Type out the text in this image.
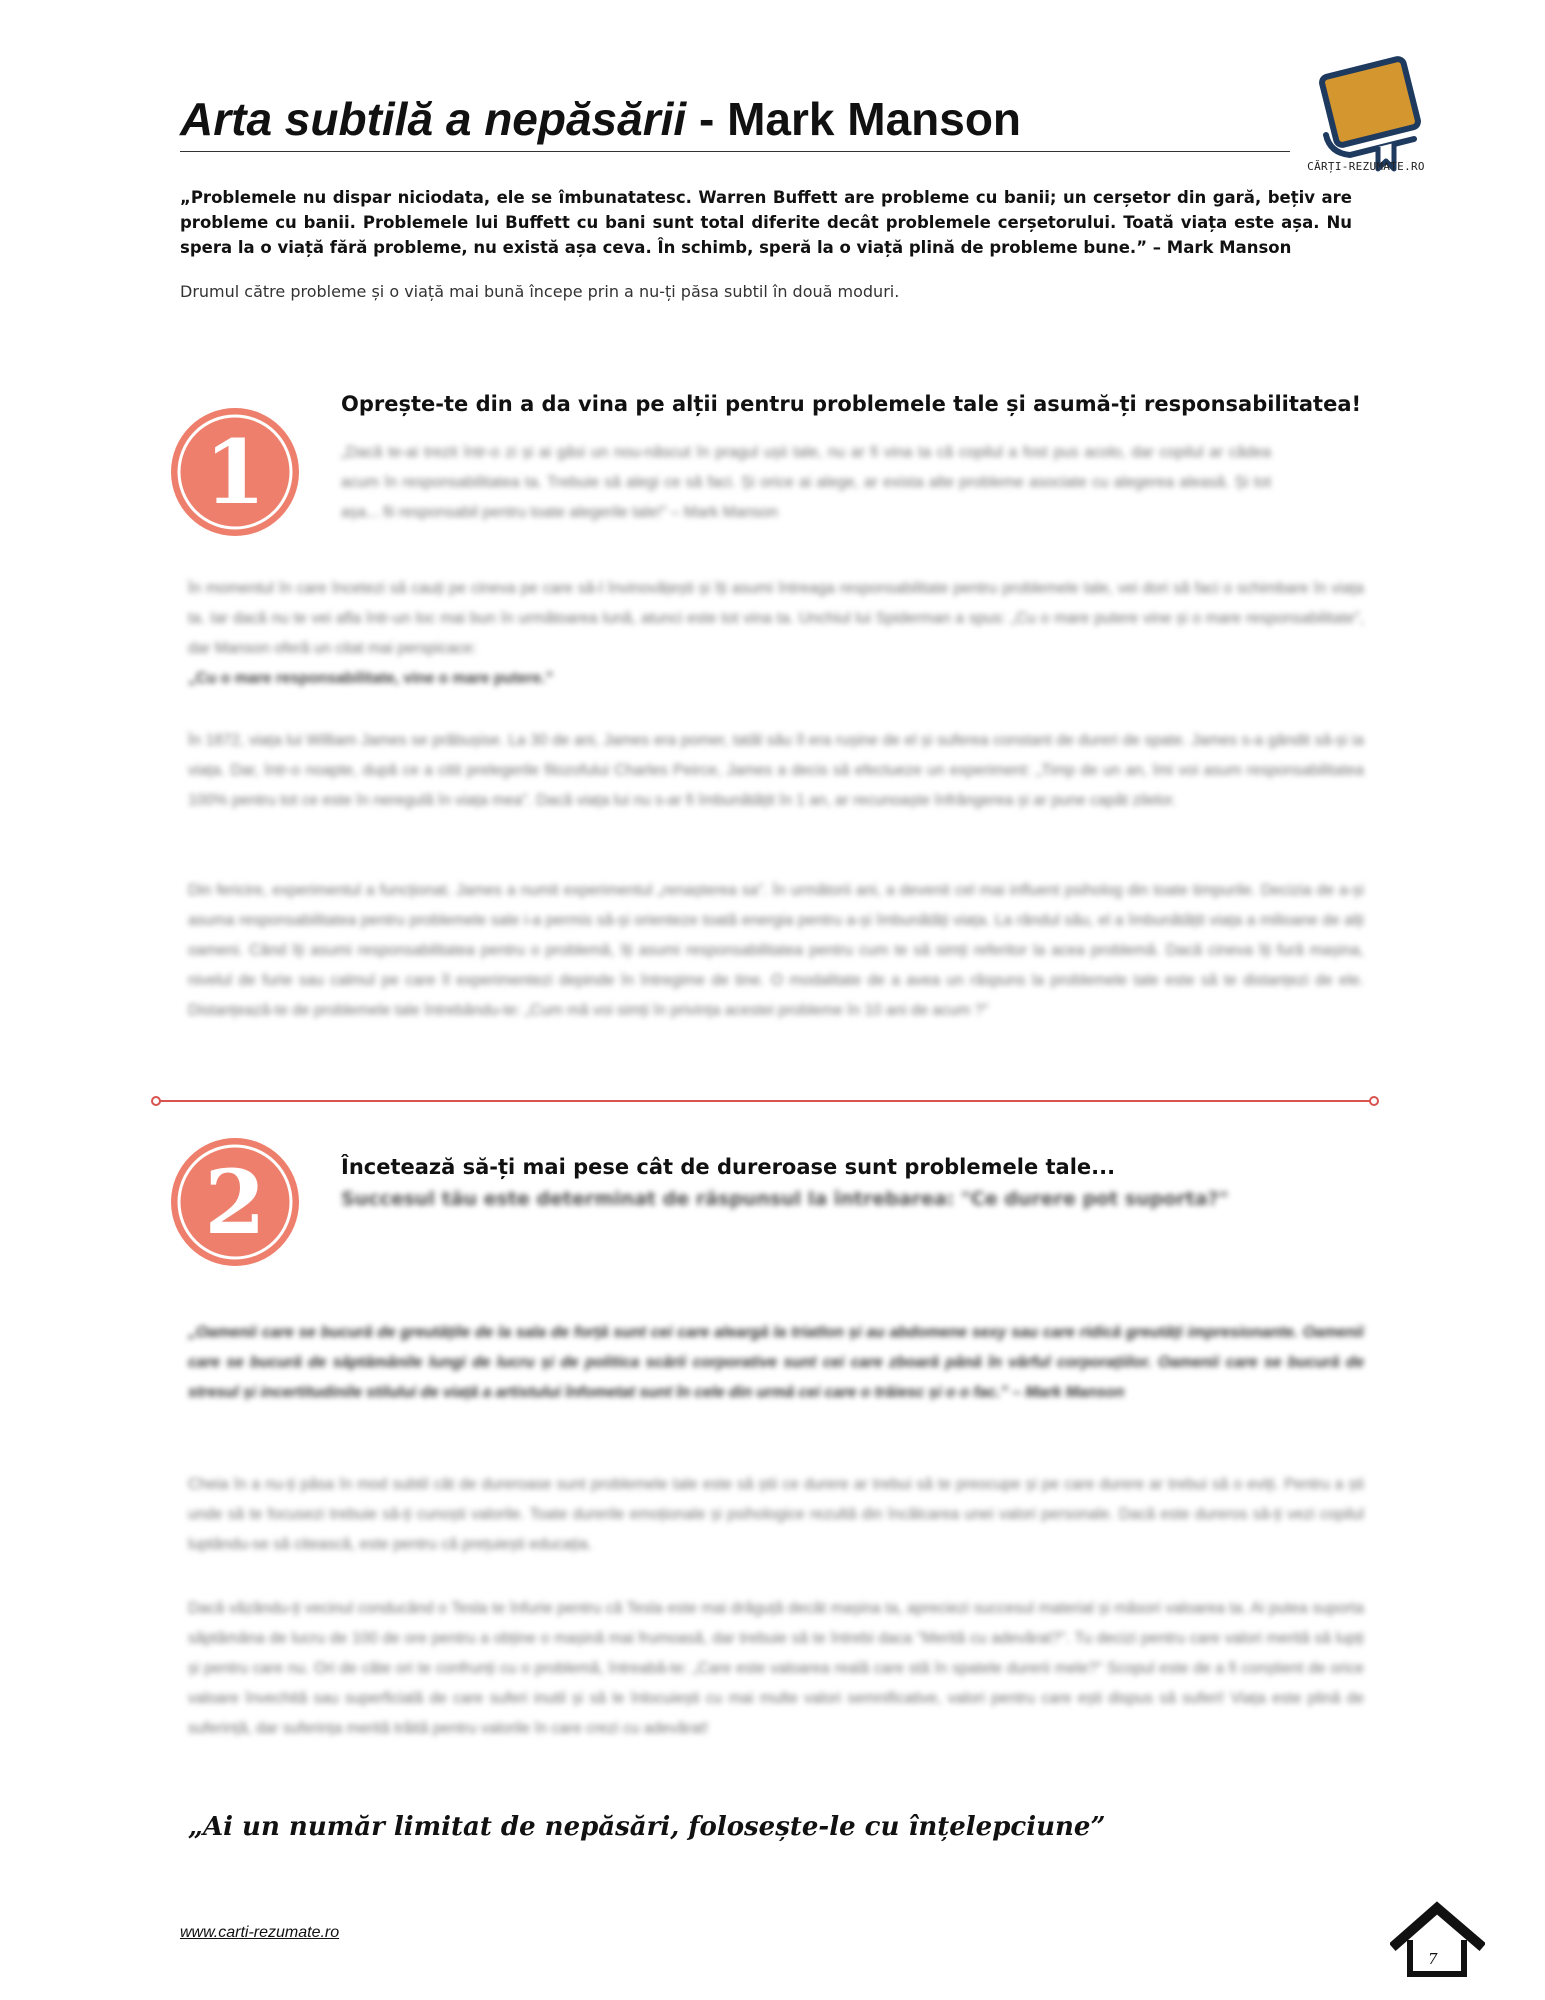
Arta subtilă a nepăsării - Mark Manson
CĂRȚI-REZUMATE.RO
„Problemele nu dispar niciodata, ele se îmbunatatesc. Warren Buffett are probleme cu banii; un cerșetor din gară, bețiv are probleme cu banii. Problemele lui Buffett cu bani sunt total diferite decât problemele cerșetorului. Toată viața este așa. Nu spera la o viață fără probleme, nu există așa ceva. În schimb, speră la o viață plină de probleme bune.” – Mark Manson
Drumul către probleme și o viață mai bună începe prin a nu-ți păsa subtil în două moduri.
1
Oprește-te din a da vina pe alții pentru problemele tale și asumă-ți responsabilitatea!
„Dacă te-ai trezit într-o zi și ai găsi un nou-născut în pragul ușii tale, nu ar fi vina ta că copilul a fost pus acolo, dar copilul ar cădea acum în responsabilitatea ta. Trebuie să alegi ce să faci. Și orice ai alege, ar exista alte probleme asociate cu alegerea aleasă. Și tot așa... fii responsabil pentru toate alegerile tale!” – Mark Manson
În momentul în care încetezi să cauți pe cineva pe care să-l învinovățești și îți asumi întreaga responsabilitate pentru problemele tale, vei dori să faci o schimbare în viața ta. Iar dacă nu te vei afla într-un loc mai bun în următoarea lună, atunci este tot vina ta. Unchiul lui Spiderman a spus: „Cu o mare putere vine și o mare responsabilitate”, dar Manson oferă un citat mai perspicace:
„Cu o mare responsabilitate, vine o mare putere.”
În 1872, viața lui William James se prăbușise. La 30 de ani, James era pomer, tatăl său îl era rușine de el și suferea constant de dureri de spate. James s-a gândit să-și ia viața. Dar, într-o noapte, după ce a citit prelegerile filozofului Charles Peirce, James a decis să efectueze un experiment: „Timp de un an, îmi voi asum responsabilitatea 100% pentru tot ce este în neregulă în viața mea”. Dacă viața lui nu s-ar fi îmbunătățit în 1 an, ar recunoaște înfrângerea și ar pune capăt zilelor.
Din fericire, experimentul a funcționat. James a numit experimentul „renașterea sa”. În următorii ani, a devenit cel mai influent psiholog din toate timpurile. Decizia de a-și asuma responsabilitatea pentru problemele sale i-a permis să-și orienteze toată energia pentru a-și îmbunătăți viața. La rândul său, el a îmbunătățit viața a milioane de alți oameni. Când îți asumi responsabilitatea pentru o problemă, îți asumi responsabilitatea pentru cum te să simți referitor la acea problemă. Dacă cineva îți fură mașina, nivelul de furie sau calmul pe care îl experimentezi depinde în întregime de tine. O modalitate de a avea un răspuns la problemele tale este să te distanțezi de ele. Distanțează-te de problemele tale întrebându-te: „Cum mă voi simți în privința acestei probleme în 10 ani de acum ?”
2	Încetează să-ți mai pese cât de dureroase sunt problemele tale...
Succesul tău este determinat de răspunsul la întrebarea: "Ce durere pot suporta?"
„Oamenii care se bucură de greutățile de la sala de forță sunt cei care aleargă la triatlon și au abdomene sexy sau care ridică greutăți impresionante. Oamenii care se bucură de săptămânile lungi de lucru și de politica scării corporative sunt cei care zboară până în vârful corporațiilor. Oamenii care se bucură de stresul și incertitudinile stilului de viață a artistului înfometat sunt în cele din urmă cei care o trăiesc și o o fac.” – Mark Manson
Cheia în a nu-ți păsa în mod subtil cât de dureroase sunt problemele tale este să știi ce durere ar trebui să te preocupe și pe care durere ar trebui să o eviți. Pentru a ști unde să te focusezi trebuie să-ți cunoști valorile. Toate durerile emoționale și psihologice rezultă din încălcarea unei valori personale. Dacă este dureros să-ți vezi copilul luptându-se să citească, este pentru că prețuiești educația.
Dacă văzându-ți vecinul conducând o Tesla te înfurie pentru că Tesla este mai drăguță decât mașina ta, apreciezi succesul material și măsori valoarea ta. Ai putea suporta săptămâna de lucru de 100 de ore pentru a obține o mașină mai frumoasă, dar trebuie să te întrebi daca "Merită cu adevărat?". Tu decizi pentru care valori merită să lupți și pentru care nu. Ori de câte ori te confrunți cu o problemă, întreabă-te: „Care este valoarea reală care stă în spatele durerii mele?” Scopul este de a fi conștient de orice valoare învechită sau superficială de care suferi inutil și să le înlocuiești cu mai multe valori semnificative, valori pentru care ești dispus să suferi! Viața este plină de suferință, dar suferința merită trăită pentru valorile în care crezi cu adevărat!
„Ai un număr limitat de nepăsări, folosește-le cu înțelepciune”
www.carti-rezumate.ro
7
